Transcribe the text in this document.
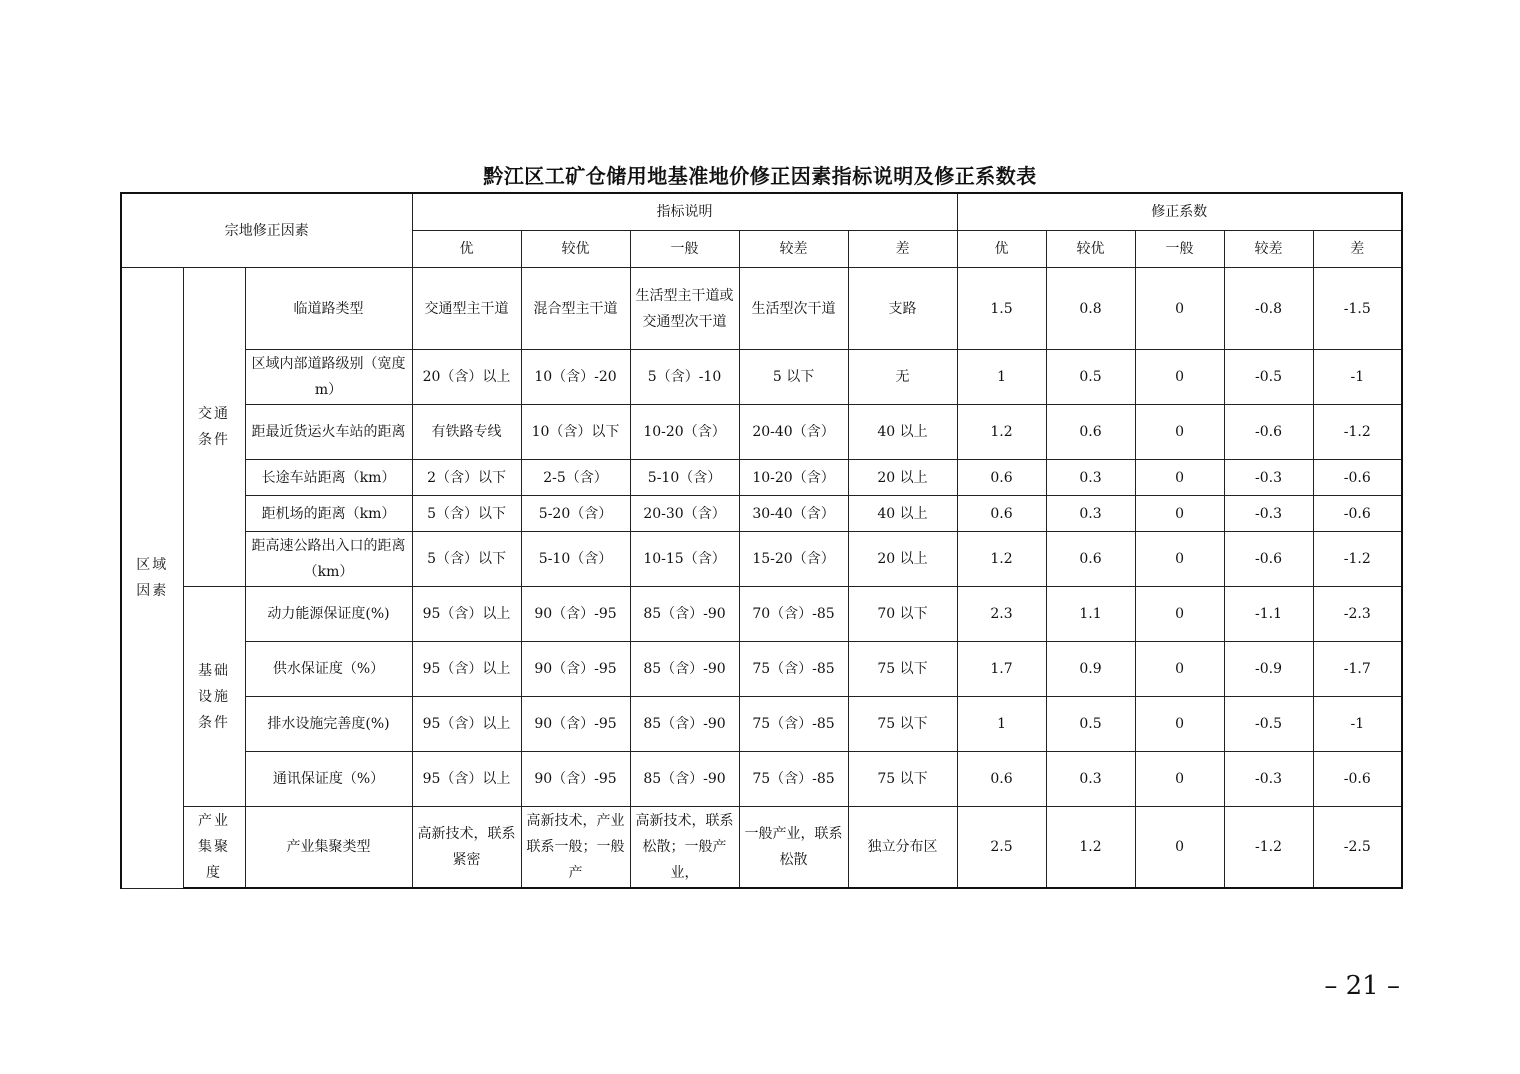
黔江区工矿仓储用地基准地价修正因素指标说明及修正系数表
宗地修正因素			指标说明					修正系数				
			优	较优	一般	较差	差	优	较优	一般	较差	差
区域因素	交通条件	临道路类型	交通型主干道	混合型主干道	生活型主干道或交通型次干道	生活型次干道	支路	1.5	0.8	0	-0.8	-1.5
		区域内部道路级别（宽度 m）	20（含）以上	10（含）-20	5（含）-10	5 以下	无	1	0.5	0	-0.5	-1
		距最近货运火车站的距离	有铁路专线	10（含）以下	10-20（含）	20-40（含）	40 以上	1.2	0.6	0	-0.6	-1.2
		长途车站距离（km）	2（含）以下	2-5（含）	5-10（含）	10-20（含）	20 以上	0.6	0.3	0	-0.3	-0.6
		距机场的距离（km）	5（含）以下	5-20（含）	20-30（含）	30-40（含）	40 以上	0.6	0.3	0	-0.3	-0.6
		距高速公路出入口的距离（km）	5（含）以下	5-10（含）	10-15（含）	15-20（含）	20 以上	1.2	0.6	0	-0.6	-1.2
	基础设施条件	动力能源保证度(%)	95（含）以上	90（含）-95	85（含）-90	70（含）-85	70 以下	2.3	1.1	0	-1.1	-2.3
		供水保证度（%）	95（含）以上	90（含）-95	85（含）-90	75（含）-85	75 以下	1.7	0.9	0	-0.9	-1.7
		排水设施完善度(%)	95（含）以上	90（含）-95	85（含）-90	75（含）-85	75 以下	1	0.5	0	-0.5	-1
		通讯保证度（%）	95（含）以上	90（含）-95	85（含）-90	75（含）-85	75 以下	0.6	0.3	0	-0.3	-0.6
	产业集聚度	产业集聚类型	高新技术，联系紧密	高新技术，产业联系一般；一般产	高新技术，联系松散；一般产业，	一般产业，联系松散	独立分布区	2.5	1.2	0	-1.2	-2.5
– 21 –
